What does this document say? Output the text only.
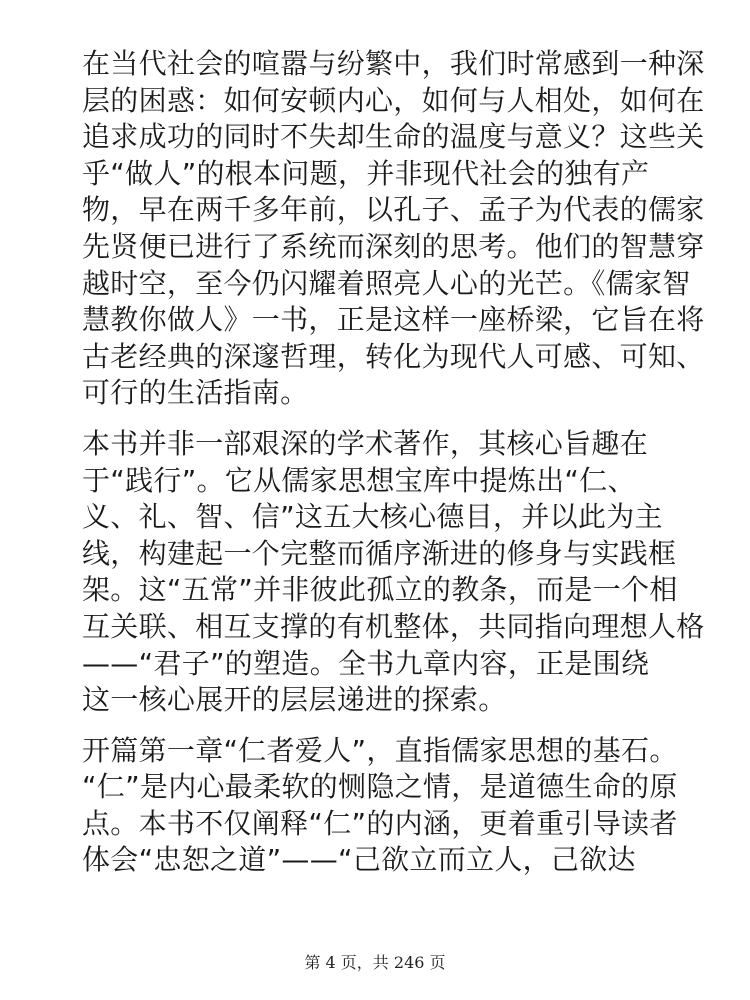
在当代社会的喧嚣与纷繁中，我们时常感到一种深
层的困惑：如何安顿内心，如何与人相处，如何在
追求成功的同时不失却生命的温度与意义？这些关
乎“做人”的根本问题，并非现代社会的独有产
物，早在两千多年前，以孔子、孟子为代表的儒家
先贤便已进行了系统而深刻的思考。他们的智慧穿
越时空，至今仍闪耀着照亮人心的光芒。《儒家智
慧教你做人》一书，正是这样一座桥梁，它旨在将
古老经典的深邃哲理，转化为现代人可感、可知、
可行的生活指南。
本书并非一部艰深的学术著作，其核心旨趣在
于“践行”。它从儒家思想宝库中提炼出“仁、
义、礼、智、信”这五大核心德目，并以此为主
线，构建起一个完整而循序渐进的修身与实践框
架。这“五常”并非彼此孤立的教条，而是一个相
互关联、相互支撑的有机整体，共同指向理想人格
——“君子”的塑造。全书九章内容，正是围绕
这一核心展开的层层递进的探索。
开篇第一章“仁者爱人”，直指儒家思想的基石。
“仁”是内心最柔软的恻隐之情，是道德生命的原
点。本书不仅阐释“仁”的内涵，更着重引导读者
体会“忠恕之道”——“己欲立而立人，己欲达
第 4 页，共 246 页
